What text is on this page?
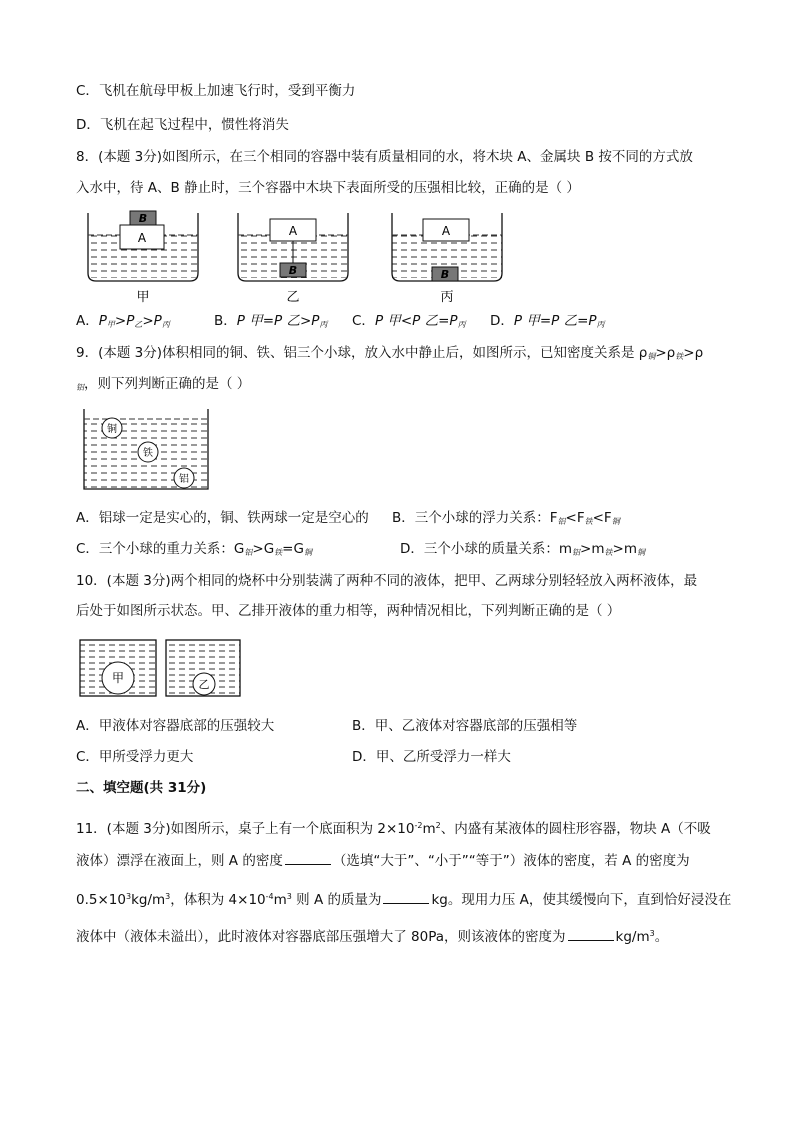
C．飞机在航母甲板上加速飞行时，受到平衡力
D．飞机在起飞过程中，惯性将消失
8．(本题 3分)如图所示，在三个相同的容器中装有质量相同的水，将木块 A、金属块 B 按不同的方式放
入水中，待 A、B 静止时，三个容器中木块下表面所受的压强相比较，正确的是（ ）
A
B
A
B
A
B
甲	乙	丙
A．$P_甲>P_乙>P_丙$	B．P 甲=P 乙$>P_丙$ C．P 甲<P 乙$=P_丙$ D．P 甲=P 乙$=P_丙$
9．(本题 3分)体积相同的铜、铁、铝三个小球，放入水中静止后，如图所示，已知密度关系是 $\rho_铜>\rho_铁>\rho$
$_铝$，则下列判断正确的是（ ）
铜
铁
铝
A．铝球一定是实心的，铜、铁两球一定是空心的 B．三个小球的浮力关系：$F_铝<F_铁<F_铜$
C．三个小球的重力关系：$G_铝>G_铁=G_铜$	D．三个小球的质量关系：$m_铝>m_铁>m_铜$
10．(本题 3分)两个相同的烧杯中分别装满了两种不同的液体，把甲、乙两球分别轻轻放入两杯液体，最
后处于如图所示状态。甲、乙排开液体的重力相等，两种情况相比，下列判断正确的是（ ）
甲	乙
A．甲液体对容器底部的压强较大	B．甲、乙液体对容器底部的压强相等
C．甲所受浮力更大	D．甲、乙所受浮力一样大
二、填空题(共 31分)
11．(本题 3分)如图所示，桌子上有一个底面积为 $2\times 10^{-2}m^2$、内盛有某液体的圆柱形容器，物块 A（不吸
液体）漂浮在液面上，则 A 的密度	（选填“大于”、“小于”“等于”）液体的密度，若 A 的密度为
$0.5\times 10^3kg/m^3$，体积为 $4\times 10^{-4}m^3$ 则 A 的质量为	kg。现用力压 A，使其缓慢向下，直到恰好浸没在
液体中（液体未溢出），此时液体对容器底部压强增大了 80Pa，则该液体的密度为	$kg/m^3$。
